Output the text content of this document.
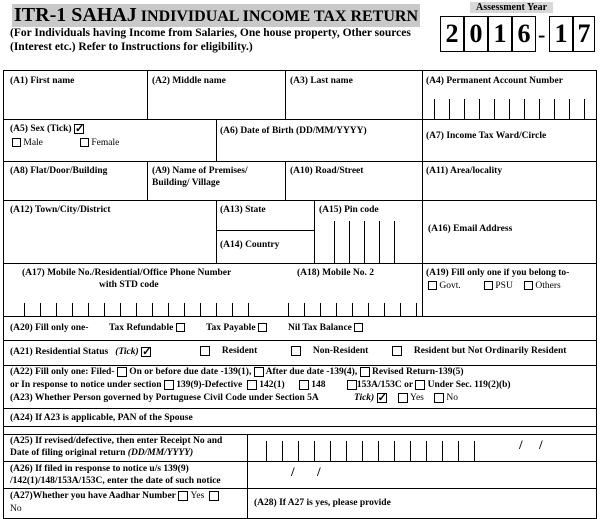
ITR-1 SAHAJ INDIVIDUAL INCOME TAX RETURN
(For Individuals having Income from Salaries, One house property, Other sources (Interest etc.) Refer to Instructions for eligibility.)
Assessment Year
2 0 1 6 - 1 7
(A1) First name	(A2) Middle name	(A3) Last name	(A4) Permanent Account Number
(A5) Sex (Tick) ✓
Male	Female
(A6) Date of Birth (DD/MM/YYYY)	(A7) Income Tax Ward/Circle
(A8) Flat/Door/Building	(A9) Name of Premises/
Building/ Village
(A10) Road/Street	(A11) Area/locality
(A12) Town/City/District	(A13) State
(A14) Country
(A15) Pin code
(A16) Email Address
(A17) Mobile No./Residential/Office Phone Number
with STD code
(A18) Mobile No. 2	(A19) Fill only one if you belong to-
Govt.	PSU	Others
(A20) Fill only one- Tax Refundable	Tax Payable	Nil Tax Balance
(A21) Residential Status (Tick) ✓	Resident	Non-Resident	Resident but Not Ordinarily Resident
(A22) Fill only one: Filed- On or before due date -139(1), After due date -139(4), Revised Return-139(5)
or In response to notice under section 139(9)-Defective 142(1)	148	153A/153C or Under Sec. 119(2)(b)
(A23) Whether Person governed by Portuguese Civil Code under Section 5A	Tick) ✓	Yes	No
(A24) If A23 is applicable, PAN of the Spouse
(A25) If revised/defective, then enter Receipt No and
Date of filing original return (DD/MM/YYYY)
/ /
(A26) If filed in response to notice u/s 139(9)
/142(1)/148/153A/153C, enter the date of such notice
/ /
(A27)Whether you have Aadhar Number Yes
No
(A28) If A27 is yes, please provide
